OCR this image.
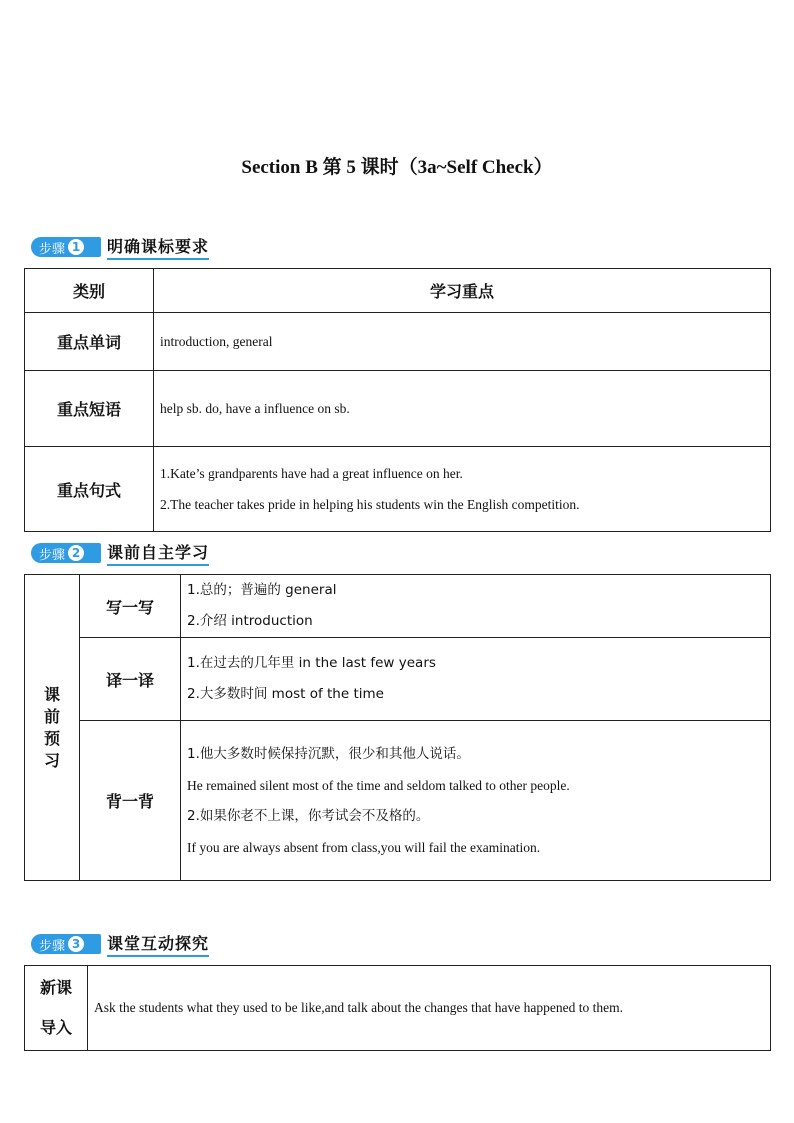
Section B 第 5 课时（3a~Self Check）
步骤 1 明确课标要求
类别	学习重点
重点单词	introduction, general

重点短语	help sb. do, have a influence on sb.

重点句式	1.Kate’s grandparents have had a great influence on her.

2.The teacher takes pride in helping his students win the English competition.

步骤 2 课前自主学习
课前预习	写一写	1.总的；普遍的 general

2.介绍 introduction

	译一译	1.在过去的几年里 in the last few years

2.大多数时间 most of the time

	背一背	1.他大多数时候保持沉默，很少和其他人说话。

He remained silent most of the time and seldom talked to other people.

2.如果你老不上课，你考试会不及格的。

If you are always absent from class,you will fail the examination.

步骤 3 课堂互动探究
新课
导入
	Ask the students what they used to be like,and talk about the changes that have happened to them.
